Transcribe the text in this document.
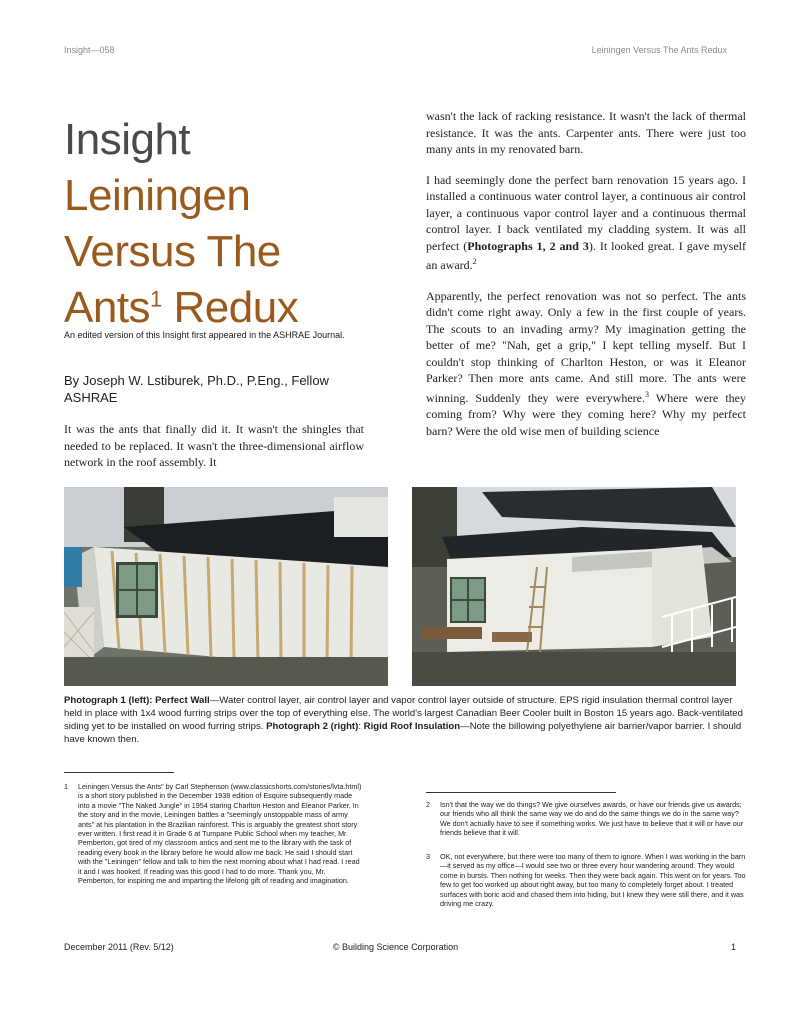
Insight—058	Leiningen Versus The Ants Redux
Insight
Leiningen
Versus The
Ants$^1$ Redux
An edited version of this Insight first appeared in the ASHRAE Journal.
By Joseph W. Lstiburek, Ph.D., P.Eng., Fellow ASHRAE

It was the ants that finally did it. It wasn't the shingles that needed to be replaced. It wasn't the three-dimensional airflow network in the roof assembly. It

wasn't the lack of racking resistance. It wasn't the lack of thermal resistance. It was the ants. Carpenter ants. There were just too many ants in my renovated barn.

I had seemingly done the perfect barn renovation 15 years ago. I installed a continuous water control layer, a continuous air control layer, a continuous vapor control layer and a continuous thermal control layer. I back ventilated my cladding system. It was all perfect (Photographs 1, 2 and 3). It looked great. I gave myself an award.$^2$

Apparently, the perfect renovation was not so perfect. The ants didn't come right away. Only a few in the first couple of years. The scouts to an invading army? My imagination getting the better of me? "Nah, get a grip," I kept telling myself. But I couldn't stop thinking of Charlton Heston, or was it Eleanor Parker? Then more ants came. And still more. The ants were winning. Suddenly they were everywhere.$^3$ Where were they coming from? Why were they coming here? Why my perfect barn? Were the old wise men of building science

Photograph 1 (left): Perfect Wall—Water control layer, air control layer and vapor control layer outside of structure. EPS rigid insulation thermal control layer held in place with 1x4 wood furring strips over the top of everything else. The world's largest Canadian Beer Cooler built in Boston 15 years ago. Back-ventilated siding yet to be installed on wood furring strips. Photograph 2 (right): Rigid Roof Insulation—Note the billowing polyethylene air barrier/vapor barrier. I should have known then.
1 Leiningen Versus the Ants" by Carl Stephenson (www.classicshorts.com/stories/lvta.html) is a short story published in the December 1938 edition of Esquire subsequently made into a movie "The Naked Jungle" in 1954 staring Charlton Heston and Eleanor Parker. In the story and in the movie, Leiningen battles a "seemingly unstoppable mass of army ants" at his plantation in the Brazilian rainforest. This is arguably the greatest short story ever written. I first read it in Grade 6 at Tumpane Public School when my teacher, Mr. Pemberton, got tired of my classroom antics and sent me to the library with the task of reading every book in the library before he would allow me back. He said I should start with the "Leiningen" fellow and talk to him the next morning about what I had read. I read it and I was hooked. If reading was this good I had to do more. Thank you, Mr. Pemberton, for inspiring me and imparting the lifelong gift of reading and imagination.
2 Isn't that the way we do things? We give ourselves awards, or have our friends give us awards; our friends who all think the same way we do and do the same things we do in the same way? We don't actually have to see if something works. We just have to believe that it will or have our friends believe that it will.
3 OK, not everywhere, but there were too many of them to ignore. When I was working in the barn—it served as my office—I would see two or three every hour wandering around. They would come in bursts. Then nothing for weeks. Then they were back again. This went on for years. Too few to get too worked up about right away, but too many to completely forget about. I treated surfaces with boric acid and chased them into hiding, but I knew they were still there, and it was driving me crazy.
December 2011 (Rev. 5/12)	© Building Science Corporation	1
